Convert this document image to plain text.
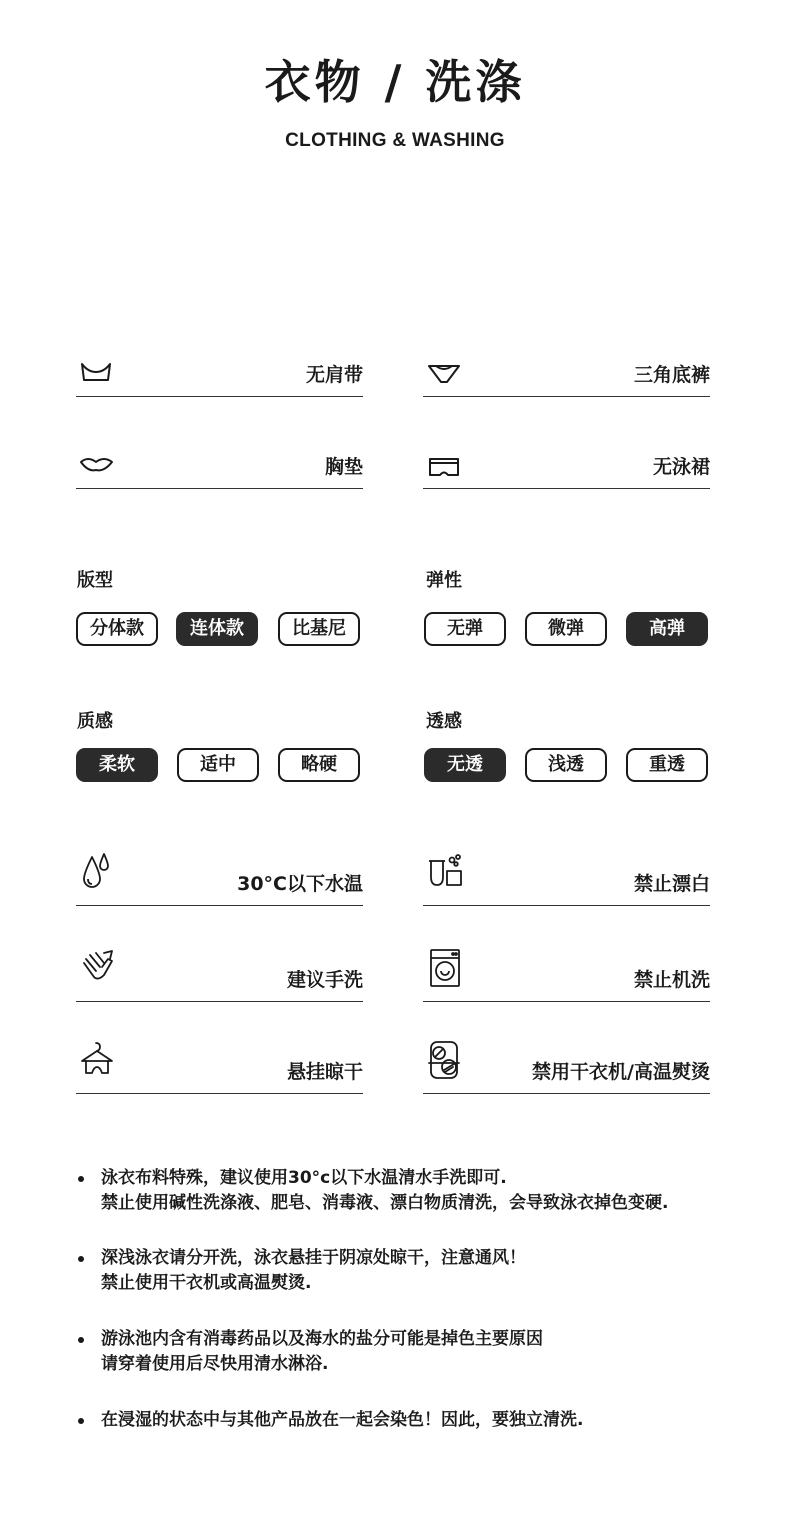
衣物 / 洗涤
CLOTHING & WASHING
无肩带	三角底裤
胸垫	无泳裙
版型
分体款	连体款	比基尼
弹性
无弹	微弹	高弹
质感
柔软	适中	略硬
透感
无透	浅透	重透
30°C以下水温	禁止漂白
建议手洗	禁止机洗
悬挂晾干	禁用干衣机/高温熨烫
泳衣布料特殊，建议使用30°c以下水温清水手洗即可.
禁止使用碱性洗涤液、肥皂、消毒液、漂白物质清洗，会导致泳衣掉色变硬.
深浅泳衣请分开洗，泳衣悬挂于阴凉处晾干，注意通风！
禁止使用干衣机或高温熨烫.
游泳池内含有消毒药品以及海水的盐分可能是掉色主要原因
请穿着使用后尽快用清水淋浴.
在浸湿的状态中与其他产品放在一起会染色！因此，要独立清洗.
